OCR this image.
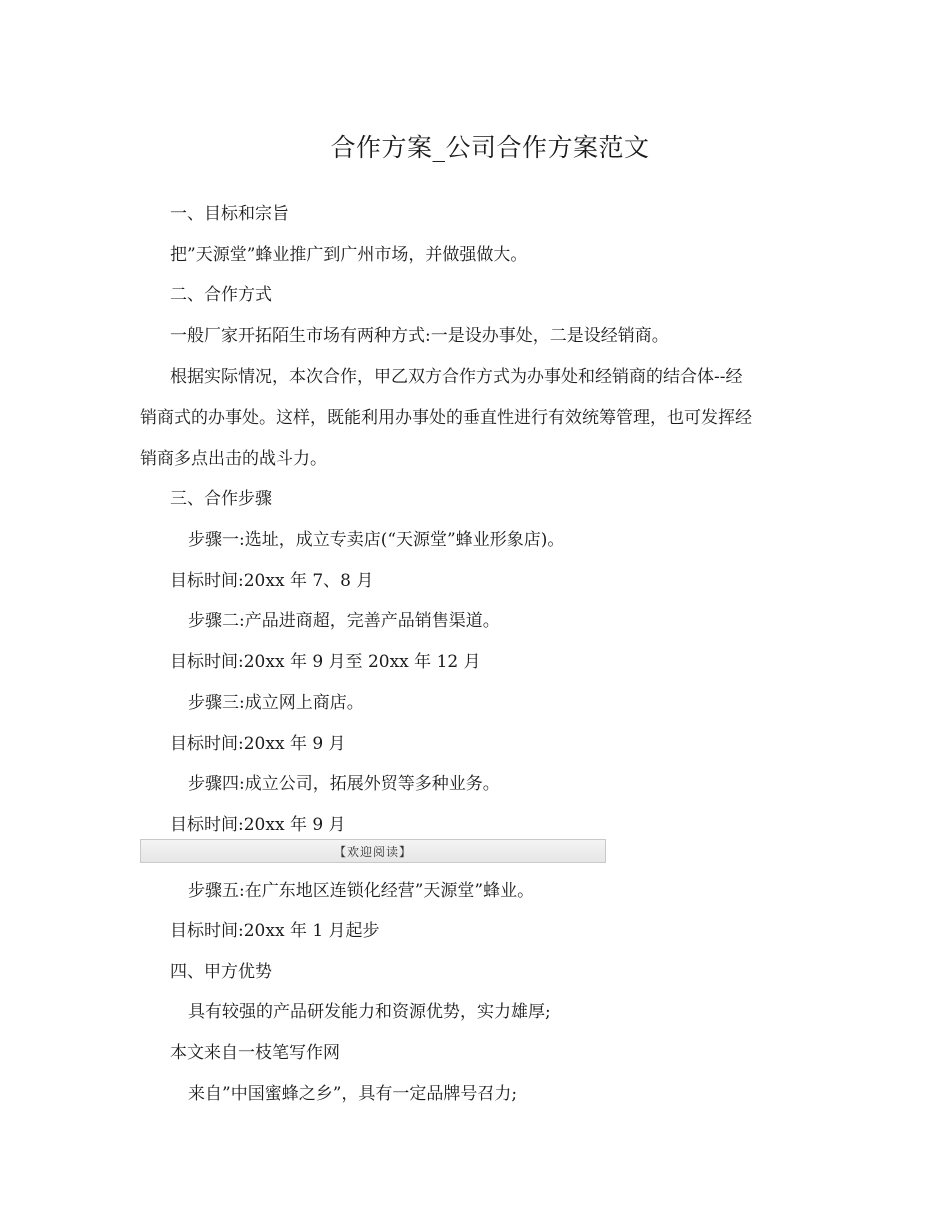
合作方案_公司合作方案范文
一、目标和宗旨
把”天源堂”蜂业推广到广州市场，并做强做大。
二、合作方式
一般厂家开拓陌生市场有两种方式:一是设办事处，二是设经销商。
根据实际情况，本次合作，甲乙双方合作方式为办事处和经销商的结合体--经
销商式的办事处。这样，既能利用办事处的垂直性进行有效统筹管理，也可发挥经
销商多点出击的战斗力。
三、合作步骤
步骤一:选址，成立专卖店(“天源堂”蜂业形象店)。
目标时间:20xx 年 7、8 月
步骤二:产品进商超，完善产品销售渠道。
目标时间:20xx 年 9 月至 20xx 年 12 月
步骤三:成立网上商店。
目标时间:20xx 年 9 月
步骤四:成立公司，拓展外贸等多种业务。
目标时间:20xx 年 9 月
【欢迎阅读】
步骤五:在广东地区连锁化经营”天源堂”蜂业。
目标时间:20xx 年 1 月起步
四、甲方优势
具有较强的产品研发能力和资源优势，实力雄厚;
本文来自一枝笔写作网
来自”中国蜜蜂之乡”，具有一定品牌号召力;
